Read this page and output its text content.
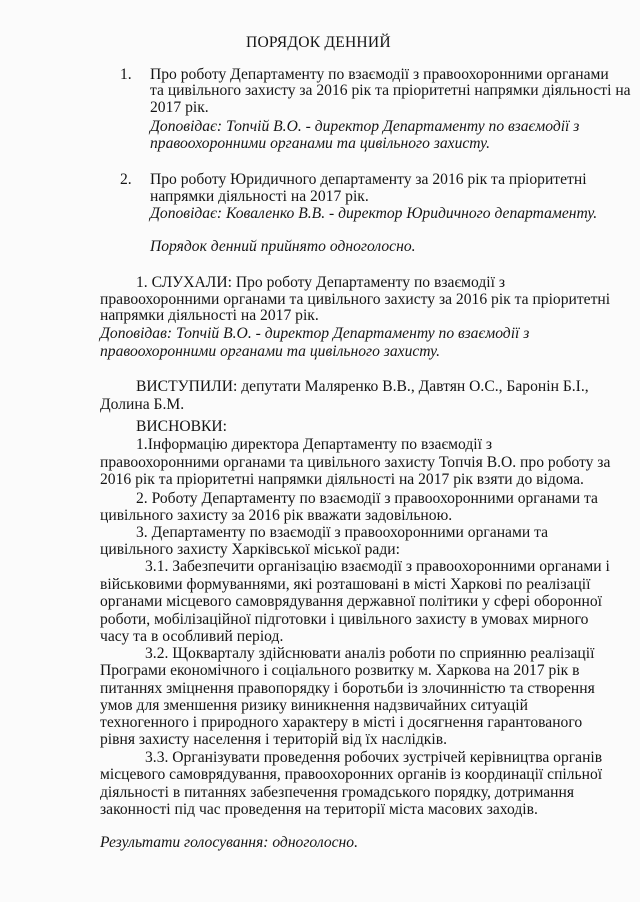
ПОРЯДОК ДЕННИЙ
1. Про роботу Департаменту по взаємодії з правоохоронними органами
та цивільного захисту за 2016 рік та пріоритетні напрямки діяльності на
2017 рік.
Доповідає: Топчій В.О. - директор Департаменту по взаємодії з
правоохоронними органами та цивільного захисту.
2. Про роботу Юридичного департаменту за 2016 рік та пріоритетні
напрямки діяльності на 2017 рік.
Доповідає: Коваленко В.В. - директор Юридичного департаменту.
Порядок денний прийнято одноголосно.
1. СЛУХАЛИ: Про роботу Департаменту по взаємодії з
правоохоронними органами та цивільного захисту за 2016 рік та пріоритетні
напрямки діяльності на 2017 рік.
Доповідав: Топчій В.О. - директор Департаменту по взаємодії з
правоохоронними органами та цивільного захисту.
ВИСТУПИЛИ: депутати Маляренко В.В., Давтян О.С., Баронін Б.І.,
Долина Б.М.
ВИСНОВКИ:
1.Інформацію директора Департаменту по взаємодії з
правоохоронними органами та цивільного захисту Топчія В.О. про роботу за
2016 рік та пріоритетні напрямки діяльності на 2017 рік взяти до відома.
2. Роботу Департаменту по взаємодії з правоохоронними органами та
цивільного захисту за 2016 рік вважати задовільною.
3. Департаменту по взаємодії з правоохоронними органами та
цивільного захисту Харківської міської ради:
3.1. Забезпечити організацію взаємодії з правоохоронними органами і
військовими формуваннями, які розташовані в місті Харкові по реалізації
органами місцевого самоврядування державної політики у сфері оборонної
роботи, мобілізаційної підготовки і цивільного захисту в умовах мирного
часу та в особливий період.
3.2. Щокварталу здійснювати аналіз роботи по сприянню реалізації
Програми економічного і соціального розвитку м. Харкова на 2017 рік в
питаннях зміцнення правопорядку і боротьби із злочинністю та створення
умов для зменшення ризику виникнення надзвичайних ситуацій
техногенного і природного характеру в місті і досягнення гарантованого
рівня захисту населення і територій від їх наслідків.
3.3. Організувати проведення робочих зустрічей керівництва органів
місцевого самоврядування, правоохоронних органів із координації спільної
діяльності в питаннях забезпечення громадського порядку, дотримання
законності під час проведення на території міста масових заходів.
Результати голосування: одноголосно.
